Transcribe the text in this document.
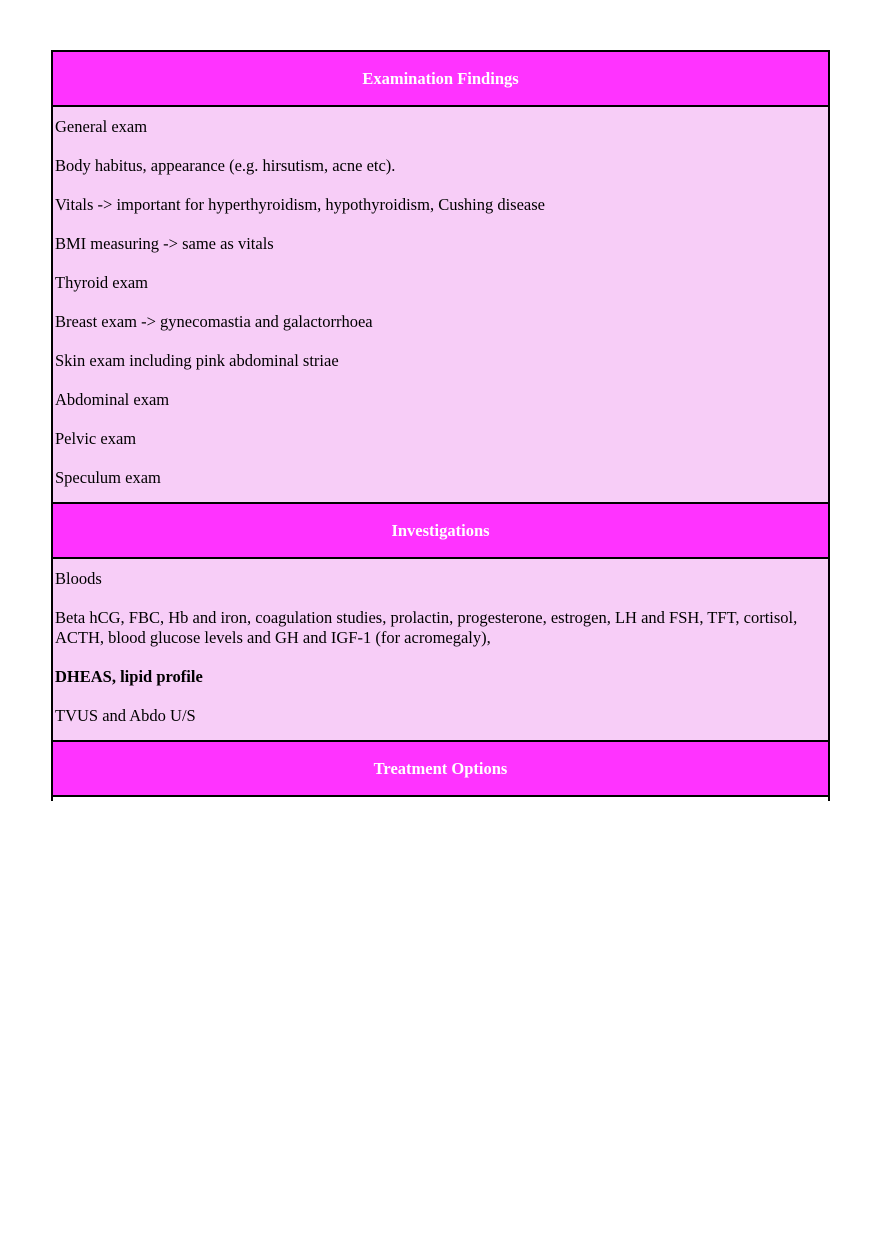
Examination Findings
General exam
Body habitus, appearance (e.g. hirsutism, acne etc).
Vitals -> important for hyperthyroidism, hypothyroidism, Cushing disease
BMI measuring -> same as vitals
Thyroid exam
Breast exam -> gynecomastia and galactorrhoea
Skin exam including pink abdominal striae
Abdominal exam
Pelvic exam
Speculum exam
Investigations
Bloods
Beta hCG, FBC, Hb and iron, coagulation studies, prolactin, progesterone, estrogen, LH and FSH, TFT, cortisol, ACTH, blood glucose levels and GH and IGF-1 (for acromegaly),
DHEAS, lipid profile
TVUS and Abdo U/S
Treatment Options
